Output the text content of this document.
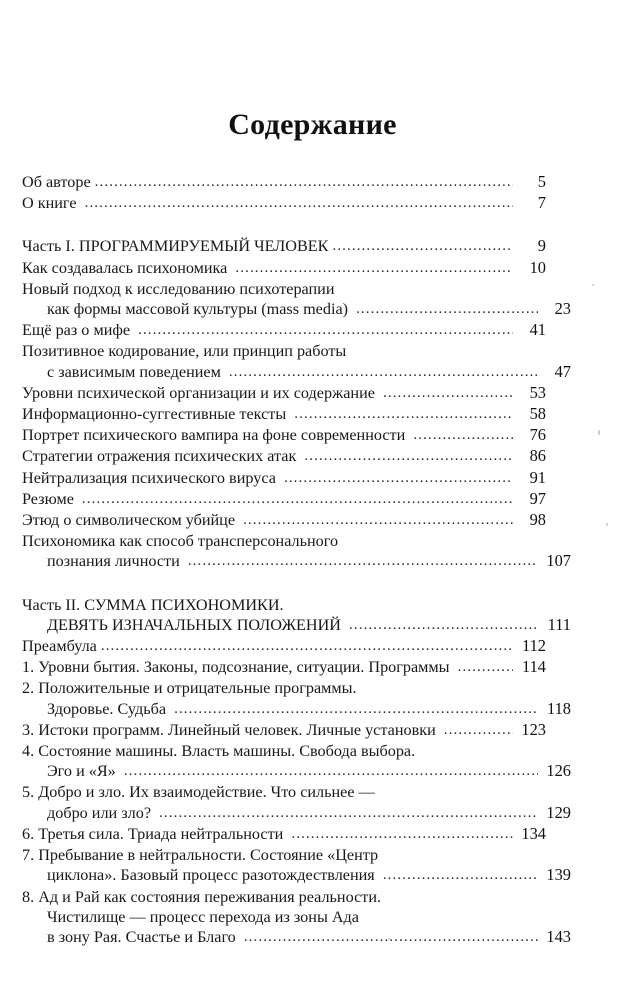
Содержание
Об авторе .....	5
О книге .....	7
Часть I. ПРОГРАММИРУЕМЫЙ ЧЕЛОВЕК .....	9
Как создавалась психономика .....	10
Новый подход к исследованию психотерапии
как формы массовой культуры (mass media) .....	23
Ещё раз о мифе .....	41
Позитивное кодирование, или принцип работы
с зависимым поведением .....	47
Уровни психической организации и их содержание .....	53
Информационно-суггестивные тексты .....	58
Портрет психического вампира на фоне современности .....	76
Стратегии отражения психических атак .....	86
Нейтрализация психического вируса .....	91
Резюме .....	97
Этюд о символическом убийце .....	98
Психономика как способ трансперсонального
познания личности .....	107
Часть II. СУММА ПСИХОНОМИКИ.
ДЕВЯТЬ ИЗНАЧАЛЬНЫХ ПОЛОЖЕНИЙ .....	111
Преамбула .....	112
1. Уровни бытия. Законы, подсознание, ситуации. Программы .....	114
2. Положительные и отрицательные программы.
Здоровье. Судьба .....	118
3. Истоки программ. Линейный человек. Личные установки .....	123
4. Состояние машины. Власть машины. Свобода выбора.
Эго и «Я» .....	126
5. Добро и зло. Их взаимодействие. Что сильнее —
добро или зло? .....	129
6. Третья сила. Триада нейтральности .....	134
7. Пребывание в нейтральности. Состояние «Центр
циклона». Базовый процесс разотождествления .....	139
8. Ад и Рай как состояния переживания реальности.
Чистилище — процесс перехода из зоны Ада
в зону Рая. Счастье и Благо .....	143
